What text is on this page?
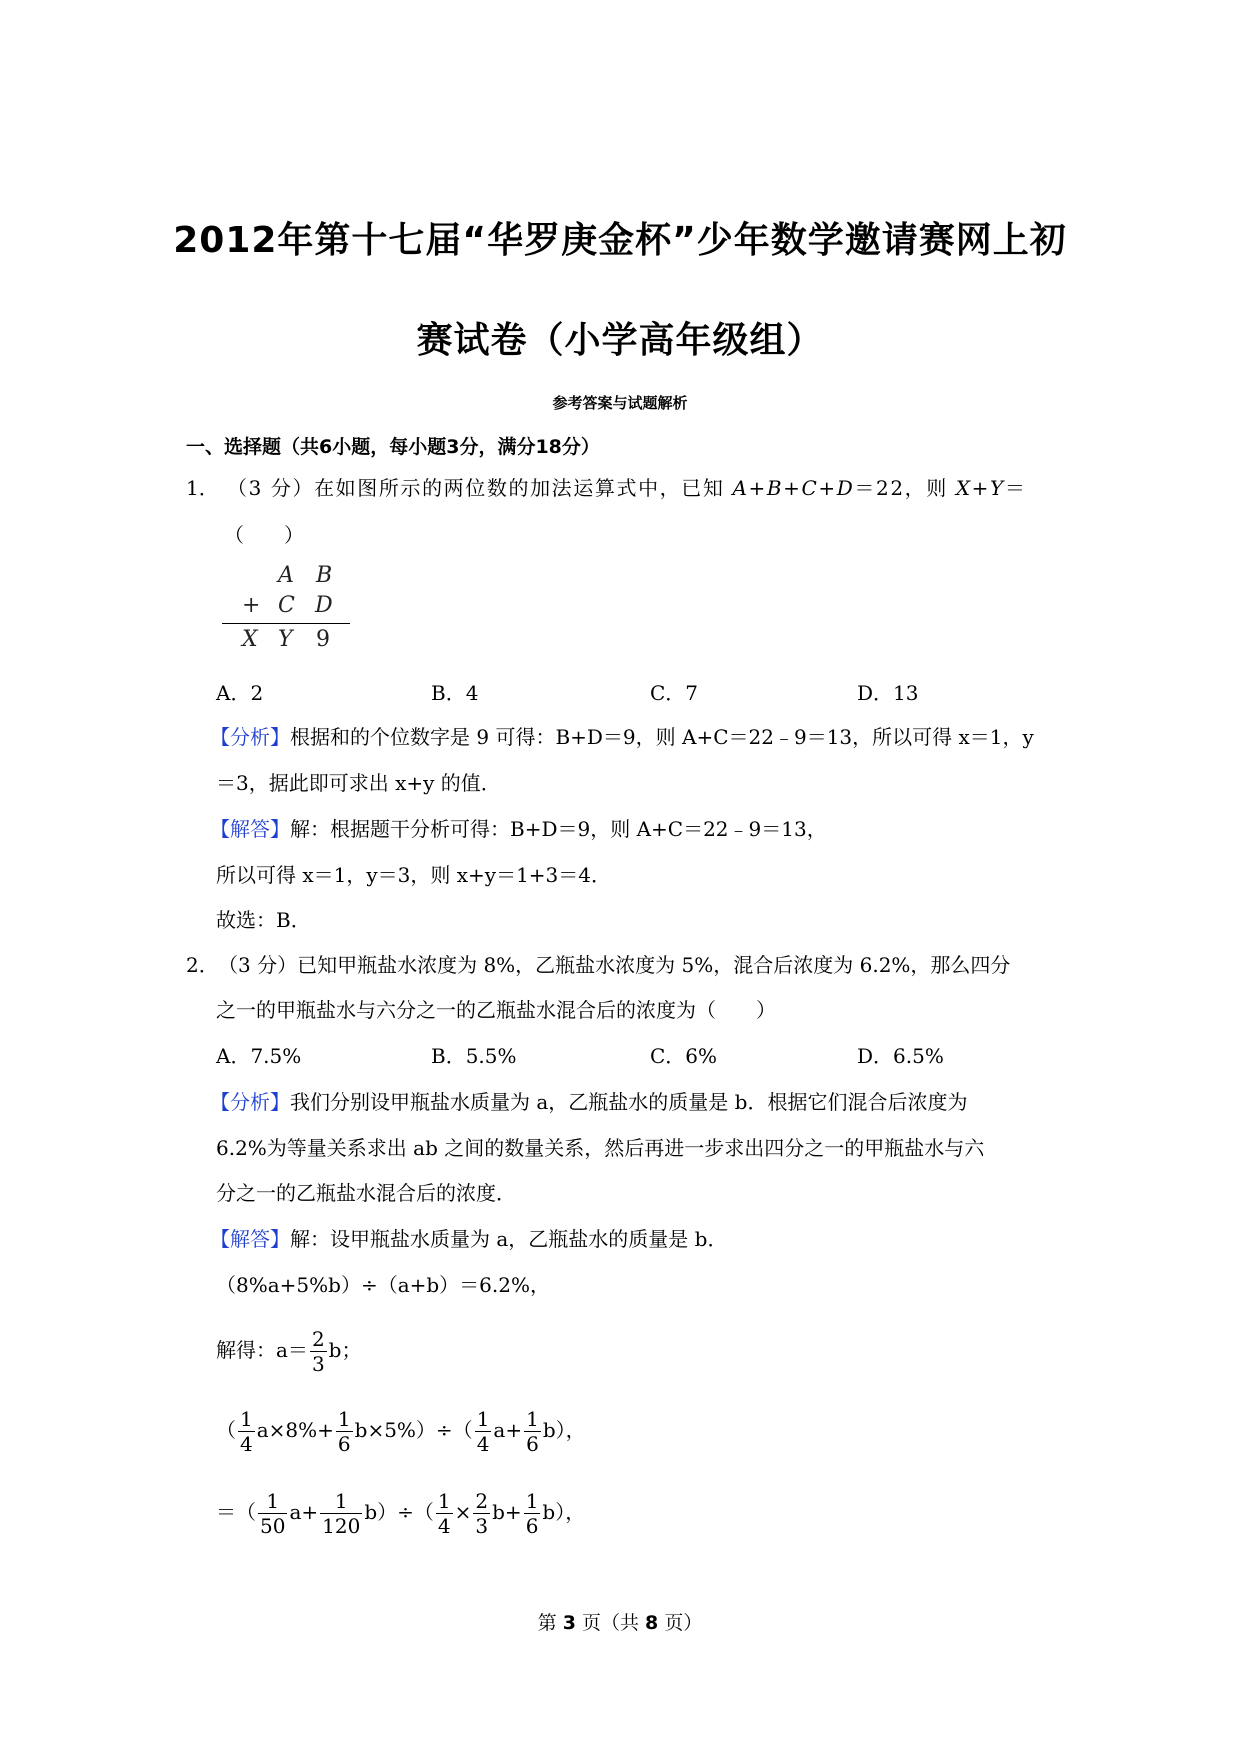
2012年第十七届“华罗庚金杯”少年数学邀请赛网上初
赛试卷（小学高年级组）
参考答案与试题解析
一、选择题（共6小题，每小题3分，满分18分）
1． （3 分）在如图所示的两位数的加法运算式中，已知 A+B+C+D＝22，则 X+Y＝
（　　）
A B
+ C D
X Y 9
A．2	B．4	C．7	D．13
【分析】根据和的个位数字是 9 可得：B+D＝9，则 A+C＝22﹣9＝13，所以可得 x＝1，y
＝3，据此即可求出 x+y 的值．
【解答】解：根据题干分析可得：B+D＝9，则 A+C＝22﹣9＝13，
所以可得 x＝1，y＝3，则 x+y＝1+3＝4．
故选：B．
2． （3 分）已知甲瓶盐水浓度为 8%，乙瓶盐水浓度为 5%，混合后浓度为 6.2%，那么四分
之一的甲瓶盐水与六分之一的乙瓶盐水混合后的浓度为（　　）
A．7.5%	B．5.5%	C．6%	D．6.5%
【分析】我们分别设甲瓶盐水质量为 a，乙瓶盐水的质量是 b．根据它们混合后浓度为
6.2%为等量关系求出 ab 之间的数量关系，然后再进一步求出四分之一的甲瓶盐水与六
分之一的乙瓶盐水混合后的浓度．
【解答】解：设甲瓶盐水质量为 a，乙瓶盐水的质量是 b．
（8%a+5%b）÷（a+b）＝6.2%，
解得：$a= \frac{2}{3}$ b；
（ $\frac{1}{4} a\times 8\%+ \frac{1}{6} b\times 5\%)\div( \frac{1}{4} a+ \frac{1}{6} b)$，
＝（ $\frac{1}{50} a+ \frac{1}{120} b)\div( \frac{1}{4} \times \frac{2}{3} b+ \frac{1}{6} b)$，
第 3 页（共 8 页）
